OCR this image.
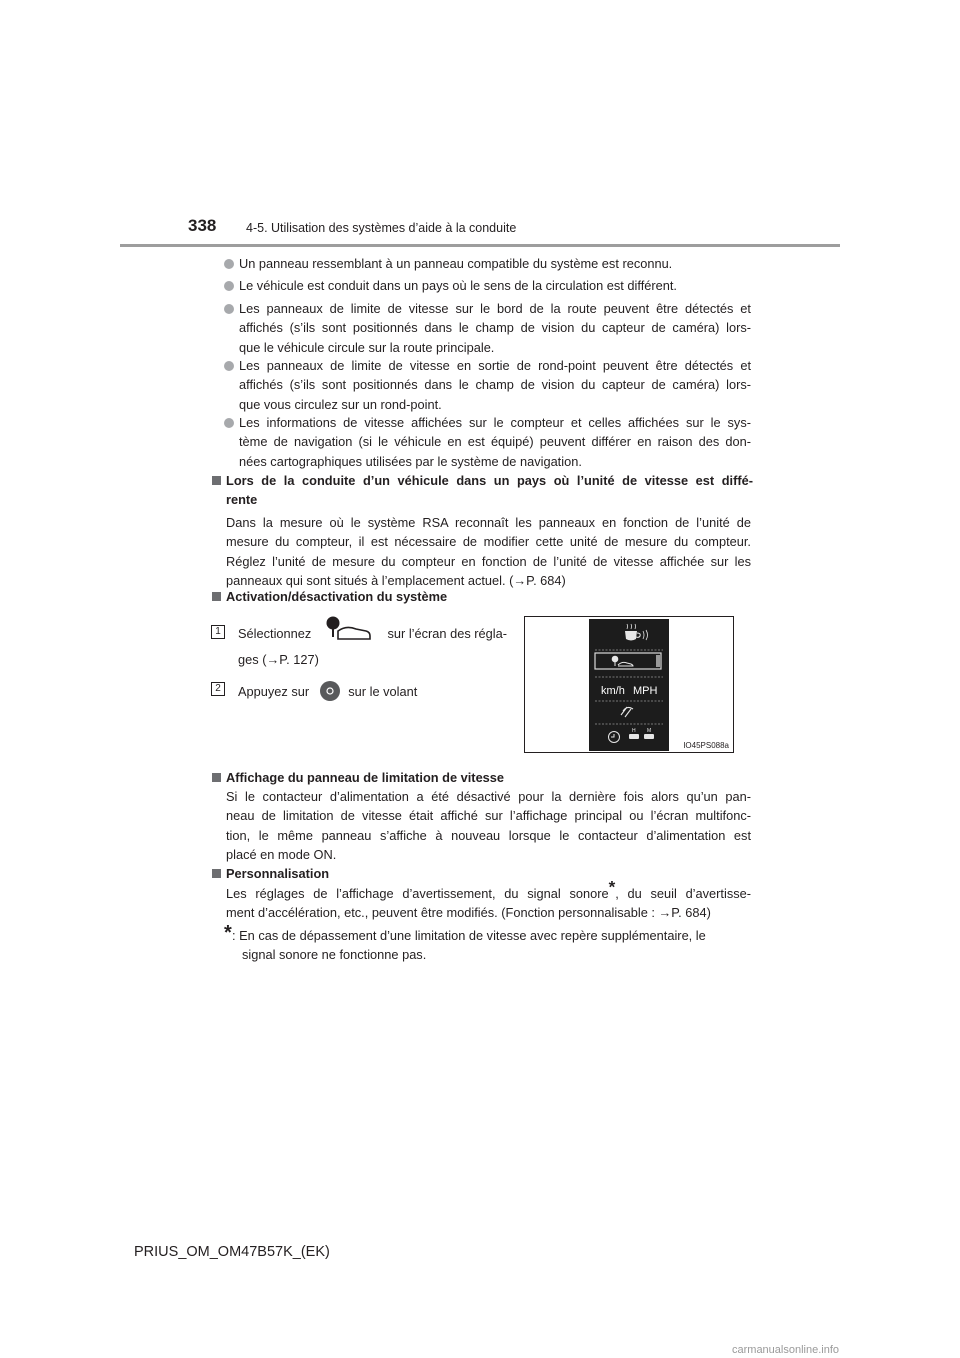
338 4-5. Utilisation des systèmes d’aide à la conduite
Un panneau ressemblant à un panneau compatible du système est reconnu.
Le véhicule est conduit dans un pays où le sens de la circulation est différent.
Les panneaux de limite de vitesse sur le bord de la route peuvent être détectés et
affichés (s’ils sont positionnés dans le champ de vision du capteur de caméra) lors-
que le véhicule circule sur la route principale.
Les panneaux de limite de vitesse en sortie de rond-point peuvent être détectés et
affichés (s’ils sont positionnés dans le champ de vision du capteur de caméra) lors-
que vous circulez sur un rond-point.
Les informations de vitesse affichées sur le compteur et celles affichées sur le sys-
tème de navigation (si le véhicule en est équipé) peuvent différer en raison des don-
nées cartographiques utilisées par le système de navigation.
Lors de la conduite d’un véhicule dans un pays où l’unité de vitesse est diffé-
rente
Dans la mesure où le système RSA reconnaît les panneaux en fonction de l’unité de
mesure du compteur, il est nécessaire de modifier cette unité de mesure du compteur.
Réglez l’unité de mesure du compteur en fonction de l’unité de vitesse affichée sur les
panneaux qui sont situés à l’emplacement actuel. (→P. 684)
Activation/désactivation du système
1	Sélectionnez	sur l’écran des régla-
ges (→P. 127)
2	Appuyez sur	sur le volant	km/h MPH
H M
IO45PS088a
Affichage du panneau de limitation de vitesse
Si le contacteur d’alimentation a été désactivé pour la dernière fois alors qu’un pan-
neau de limitation de vitesse était affiché sur l’affichage principal ou l’écran multifonc-
tion, le même panneau s’affiche à nouveau lorsque le contacteur d’alimentation est
placé en mode ON.
Personnalisation
Les réglages de l’affichage d’avertissement, du signal sonore*, du seuil d’avertisse-
ment d’accélération, etc., peuvent être modifiés. (Fonction personnalisable : →P. 684)
* : En cas de dépassement d’une limitation de vitesse avec repère supplémentaire, le
signal sonore ne fonctionne pas.
PRIUS_OM_OM47B57K_(EK)
carmanualsonline.info
